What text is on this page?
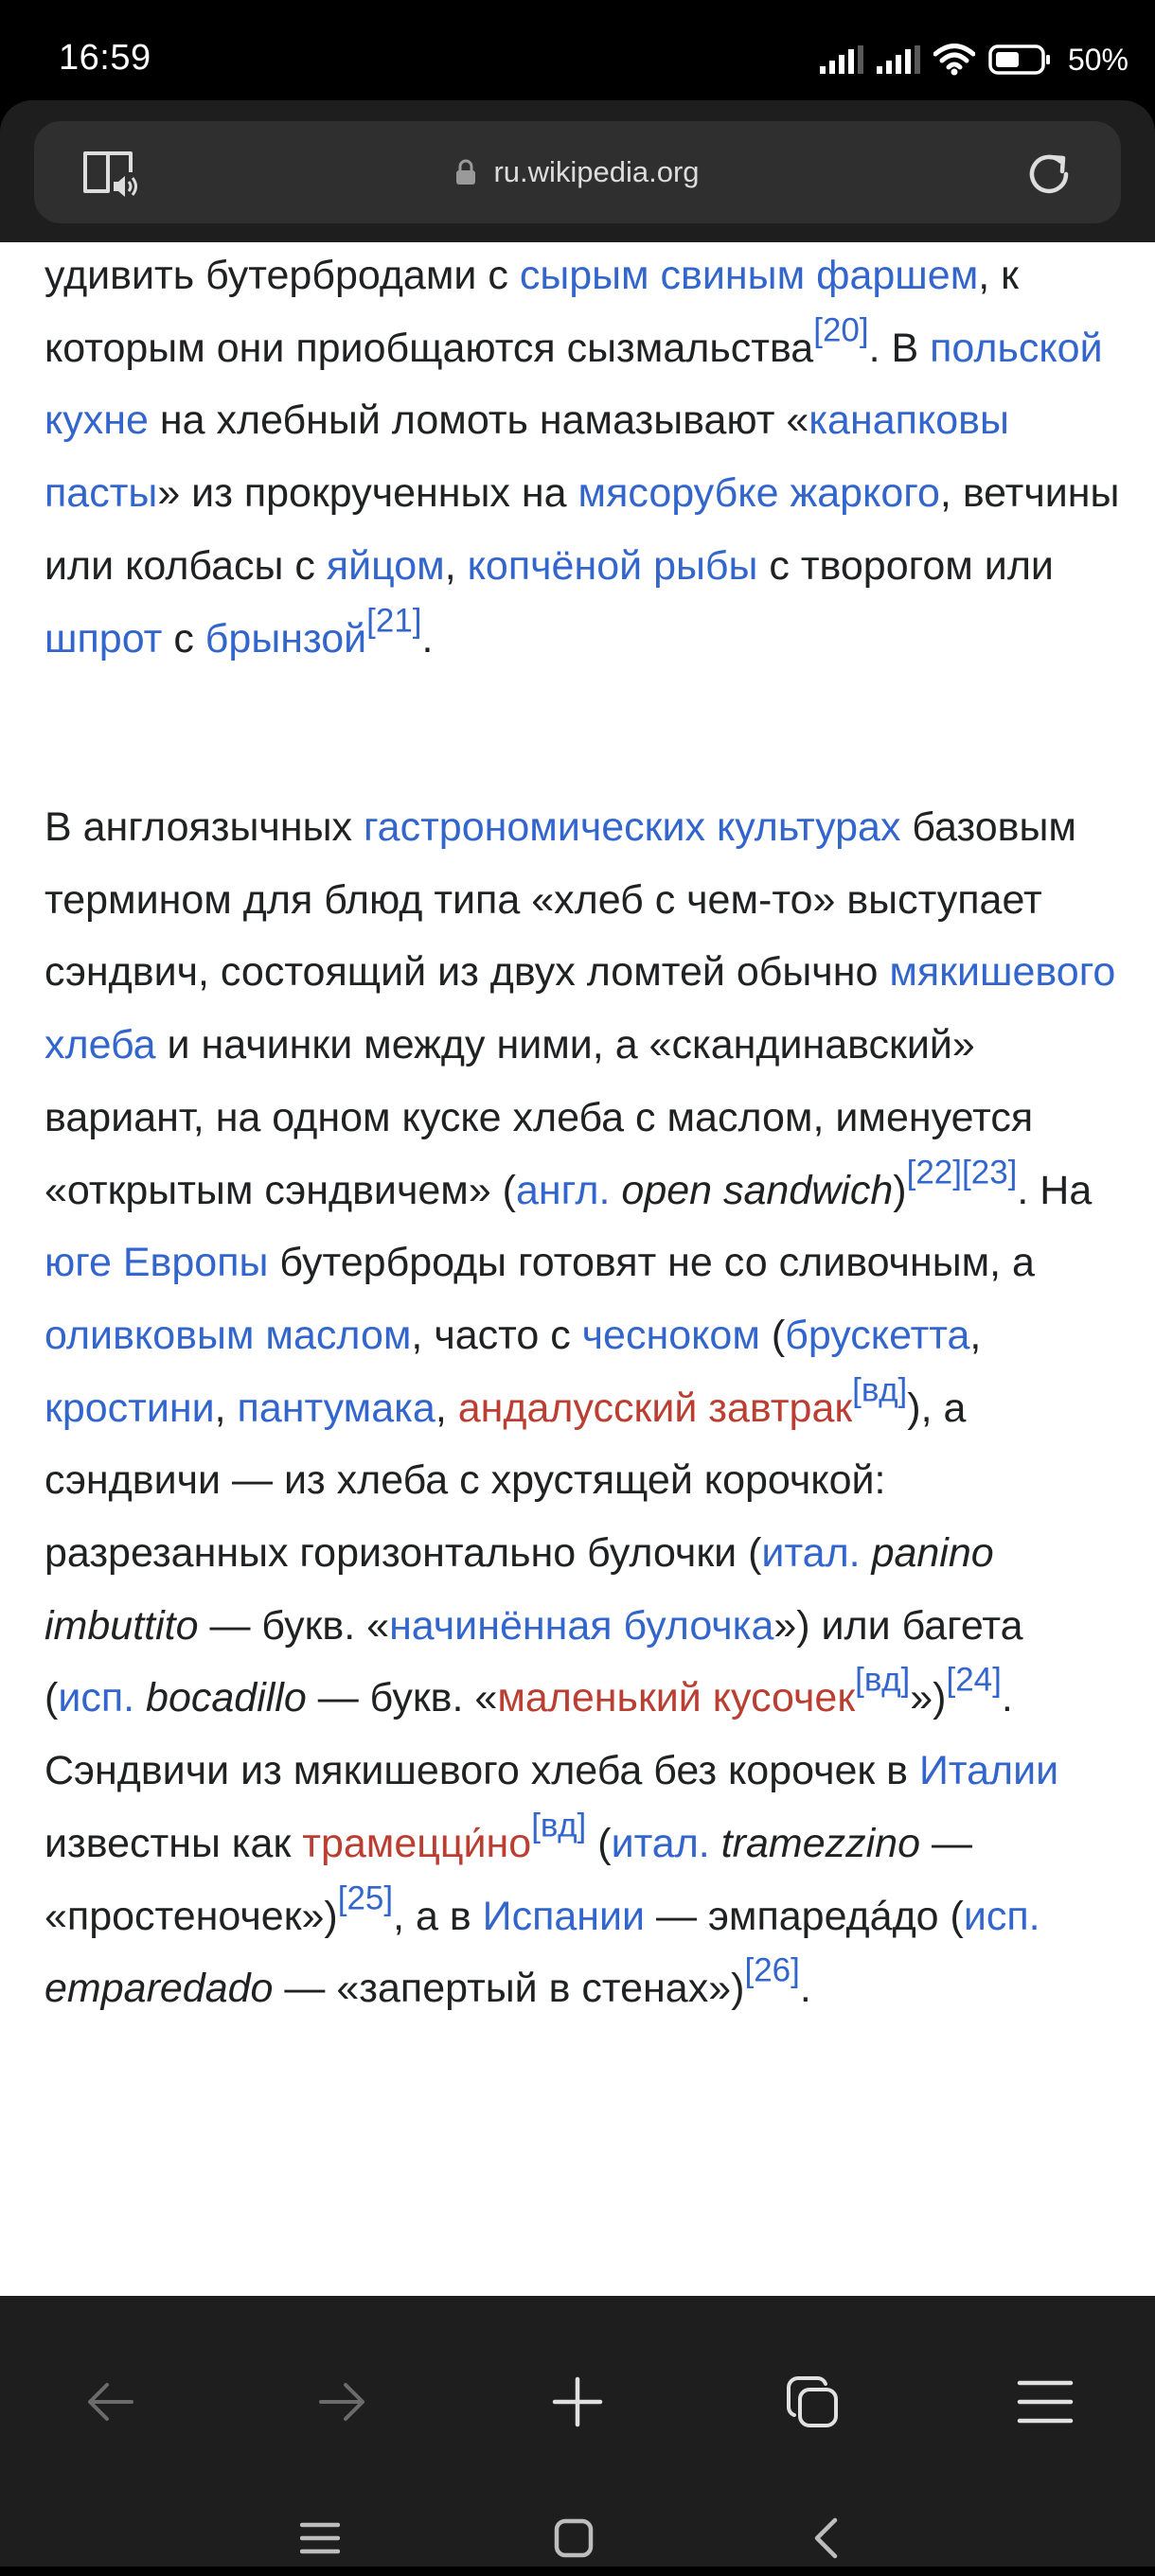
16:59	50%
ru.wikipedia.org

удивить бутербродами с сырым свиным фаршем, к которым они приобщаются сызмальства[20]. В польской кухне на хлебный ломоть намазывают «канапковы пасты» из прокрученных на мясорубке жаркого, ветчины или колбасы с яйцом, копчёной рыбы с творогом или шпрот с брынзой[21].

В англоязычных гастрономических культурах базовым термином для блюд типа «хлеб с чем-то» выступает сэндвич, состоящий из двух ломтей обычно мякишевого хлеба и начинки между ними, а «скандинавский» вариант, на одном куске хлеба с маслом, именуется «открытым сэндвичем» (англ. open sandwich)[22][23]. На юге Европы бутерброды готовят не со сливочным, а оливковым маслом, часто с чесноком (брускетта, кростини, пантумака, андалусский завтрак[вд]), а сэндвичи — из хлеба с хрустящей корочкой: разрезанных горизонтально булочки (итал. panino imbuttito — букв. «начинённая булочка») или багета (исп. bocadillo — букв. «маленький кусочек[вд]»)[24]. Сэндвичи из мякишевого хлеба без корочек в Италии известны как трамецци́но[вд] (итал. tramezzino — «простеночек»)[25], а в Испании — эмпаредáдо (исп. emparedado — «запертый в стенах»)[26].
